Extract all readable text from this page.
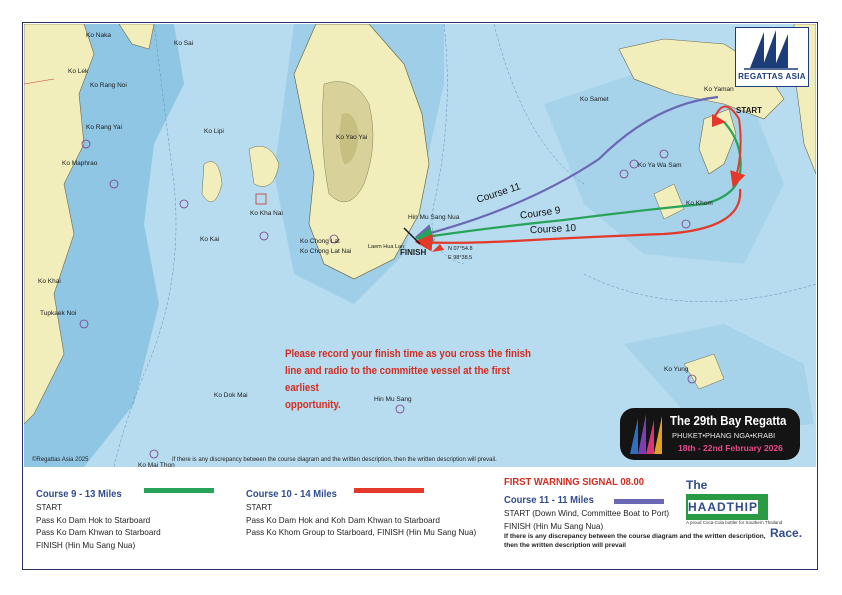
Ko Yao Yai
Ko Yaman
Ko Samet
Ko Ya Wa Sam
Ko Khom
Ko Kha Nai
Ko Chong Lat
Ko Chong Lat Nai
Ko Lipi
Ko Rang Noi
Ko Rang Yai
Ko Maphrao
Ko Naka
Ko Lek
Ko Kai
Ko Dok Mai
Hin Mu Sang
Hin Mu Sang Nua
Ko Mai Thon
Tupkaek Noi
Laem Hua Lan
Ko Yung
Ko Khai
Ko Sai
START
FINISH	N 07°54.8
E 98°38.5
Course 11
Course 9
Course 10
Please record your finish time as you cross the finish
line and radio to the committee vessel at the first earliest
opportunity.
©Regattas Asia 2025	If there is any discrepancy between the course diagram and the written description, then the written description will prevail.
REGATTAS ASIA
The 29th Bay Regatta
PHUKET•PHANG NGA•KRABI
18th - 22nd February 2026
Course 9 - 13 Miles
START
Pass Ko Dam Hok to Starboard
Pass Ko Dam Khwan to Starboard
FINISH (Hin Mu Sang Nua)
Course 10 - 14 Miles
START
Pass Ko Dam Hok and Koh Dam Khwan to Starboard
Pass Ko Khom Group to Starboard, FINISH (Hin Mu Sang Nua)
FIRST WARNING SIGNAL 08.00
Course 11 - 11 Miles
START (Down Wind, Committee Boat to Port)
FINISH (Hin Mu Sang Nua)
If there is any discrepancy between the course diagram and the written description,
then the written description will prevail
The
HAADTHIP
A proud Coca-Cola bottler for Southern Thailand
Race.
